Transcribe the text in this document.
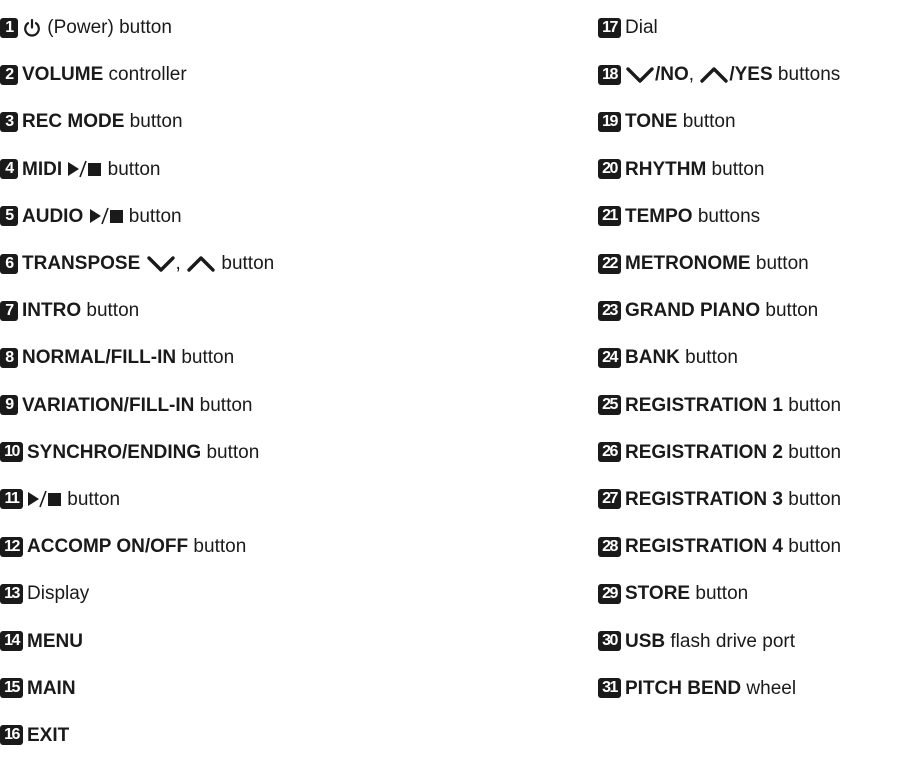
1 (Power) button
2 VOLUME controller
3 REC MODE button
4 MIDI button
5 AUDIO button
6 TRANSPOSE , button
7 INTRO button
8 NORMAL/FILL-IN button
9 VARIATION/FILL-IN button
10 SYNCHRO/ENDING button
11 button
12 ACCOMP ON/OFF button
13 Display
14 MENU
15 MAIN
16 EXIT
17 Dial
18 /NO , /YES buttons
19 TONE button
20 RHYTHM button
21 TEMPO buttons
22 METRONOME button
23 GRAND PIANO button
24 BANK button
25 REGISTRATION 1 button
26 REGISTRATION 2 button
27 REGISTRATION 3 button
28 REGISTRATION 4 button
29 STORE button
30 USB flash drive port
31 PITCH BEND wheel
